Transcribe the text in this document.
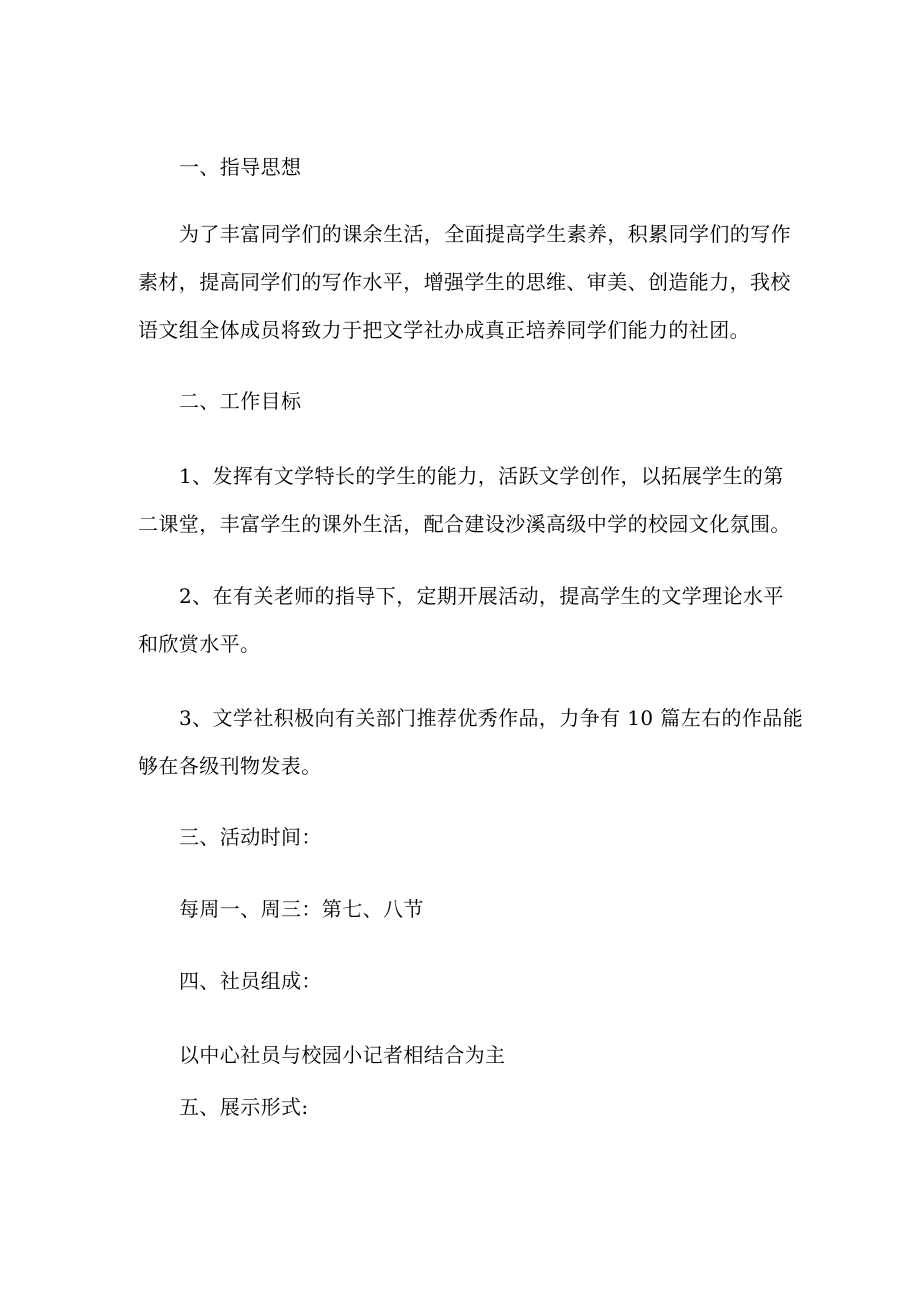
一、指导思想
为了丰富同学们的课余生活，全面提高学生素养，积累同学们的写作
素材，提高同学们的写作水平，增强学生的思维、审美、创造能力，我校
语文组全体成员将致力于把文学社办成真正培养同学们能力的社团。
二、工作目标
1、发挥有文学特长的学生的能力，活跃文学创作，以拓展学生的第
二课堂，丰富学生的课外生活，配合建设沙溪高级中学的校园文化氛围。
2、在有关老师的指导下，定期开展活动，提高学生的文学理论水平
和欣赏水平。
3、文学社积极向有关部门推荐优秀作品，力争有 10 篇左右的作品能
够在各级刊物发表。
三、活动时间：
每周一、周三：第七、八节
四、社员组成：
以中心社员与校园小记者相结合为主
五、展示形式:
